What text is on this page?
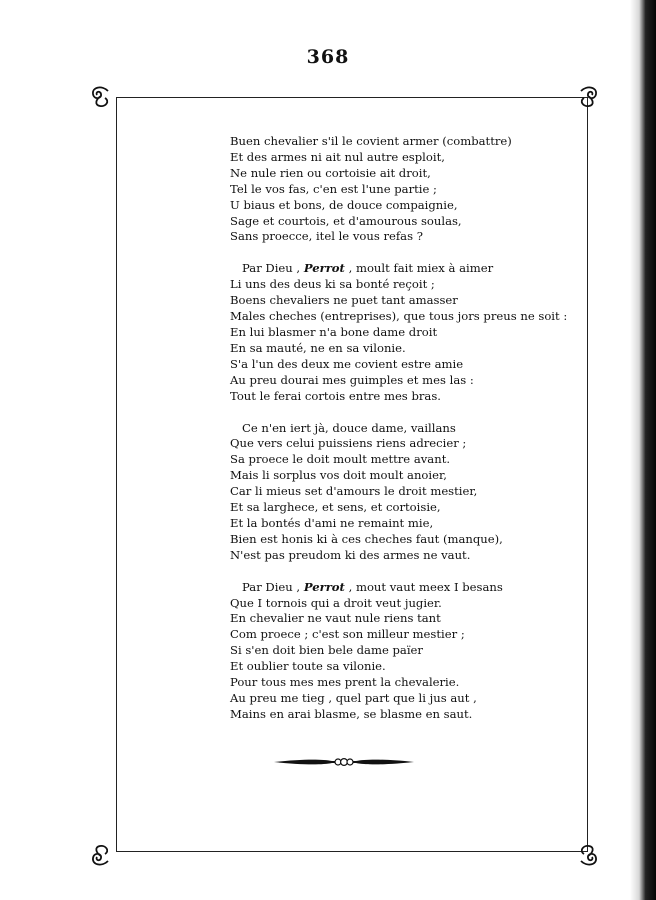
368
Buen chevalier s'il le covient armer (combattre)
Et des armes ni ait nul autre esploit,
Ne nule rien ou cortoisie ait droit,
Tel le vos fas, c'en est l'une partie ;
U biaus et bons, de douce compaignie,
Sage et courtois, et d'amourous soulas,
Sans proecce, itel le vous refas ?
Par Dieu , Perrot , moult fait miex à aimer
Li uns des deus ki sa bonté reçoit ;
Boens chevaliers ne puet tant amasser
Males cheches (entreprises), que tous jors preus ne soit :
En lui blasmer n'a bone dame droit
En sa mauté, ne en sa vilonie.
S'a l'un des deux me covient estre amie
Au preu dourai mes guimples et mes las :
Tout le ferai cortois entre mes bras.
Ce n'en iert jà, douce dame, vaillans
Que vers celui puissiens riens adrecier ;
Sa proece le doit moult mettre avant.
Mais li sorplus vos doit moult anoier,
Car li mieus set d'amours le droit mestier,
Et sa larghece, et sens, et cortoisie,
Et la bontés d'ami ne remaint mie,
Bien est honis ki à ces cheches faut (manque),
N'est pas preudom ki des armes ne vaut.
Par Dieu , Perrot , mout vaut meex I besans
Que I tornois qui a droit veut jugier.
En chevalier ne vaut nule riens tant
Com proece ; c'est son milleur mestier ;
Si s'en doit bien bele dame païer
Et oublier toute sa vilonie.
Pour tous mes mes prent la chevalerie.
Au preu me tieg , quel part que li jus aut ,
Mains en arai blasme, se blasme en saut.
